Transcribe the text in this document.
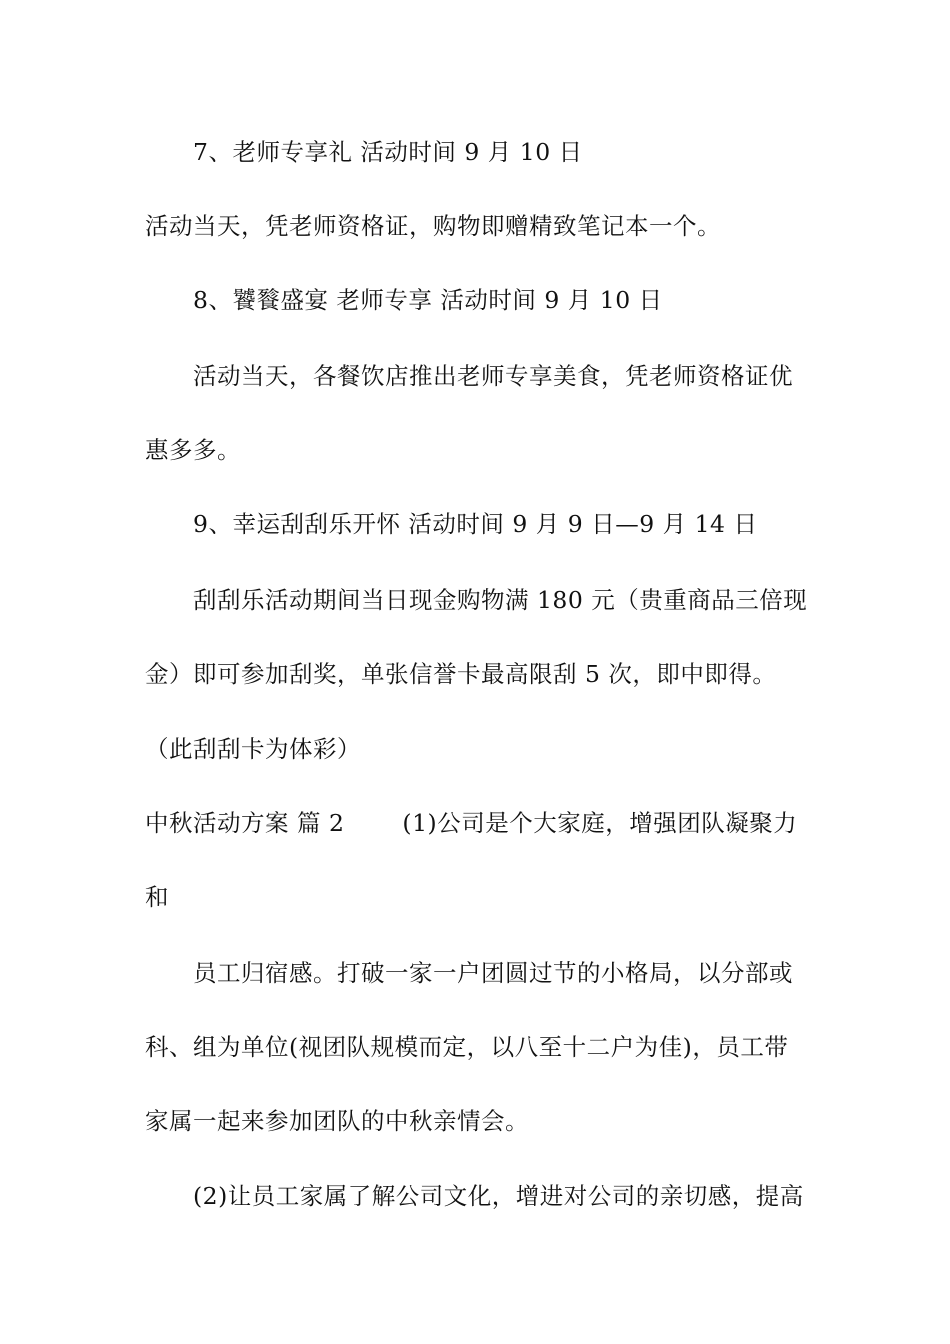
7、老师专享礼 活动时间 9 月 10 日
活动当天，凭老师资格证，购物即赠精致笔记本一个。
8、饕餮盛宴 老师专享 活动时间 9 月 10 日
活动当天，各餐饮店推出老师专享美食，凭老师资格证优
惠多多。
9、幸运刮刮乐开怀 活动时间 9 月 9 日—9 月 14 日
刮刮乐活动期间当日现金购物满 180 元（贵重商品三倍现
金）即可参加刮奖，单张信誉卡最高限刮 5 次，即中即得。
（此刮刮卡为体彩）
中秋活动方案 篇 2 (1)公司是个大家庭，增强团队凝聚力
和
员工归宿感。打破一家一户团圆过节的小格局，以分部或
科、组为单位(视团队规模而定，以八至十二户为佳)，员工带
家属一起来参加团队的中秋亲情会。
(2)让员工家属了解公司文化，增进对公司的亲切感，提高
